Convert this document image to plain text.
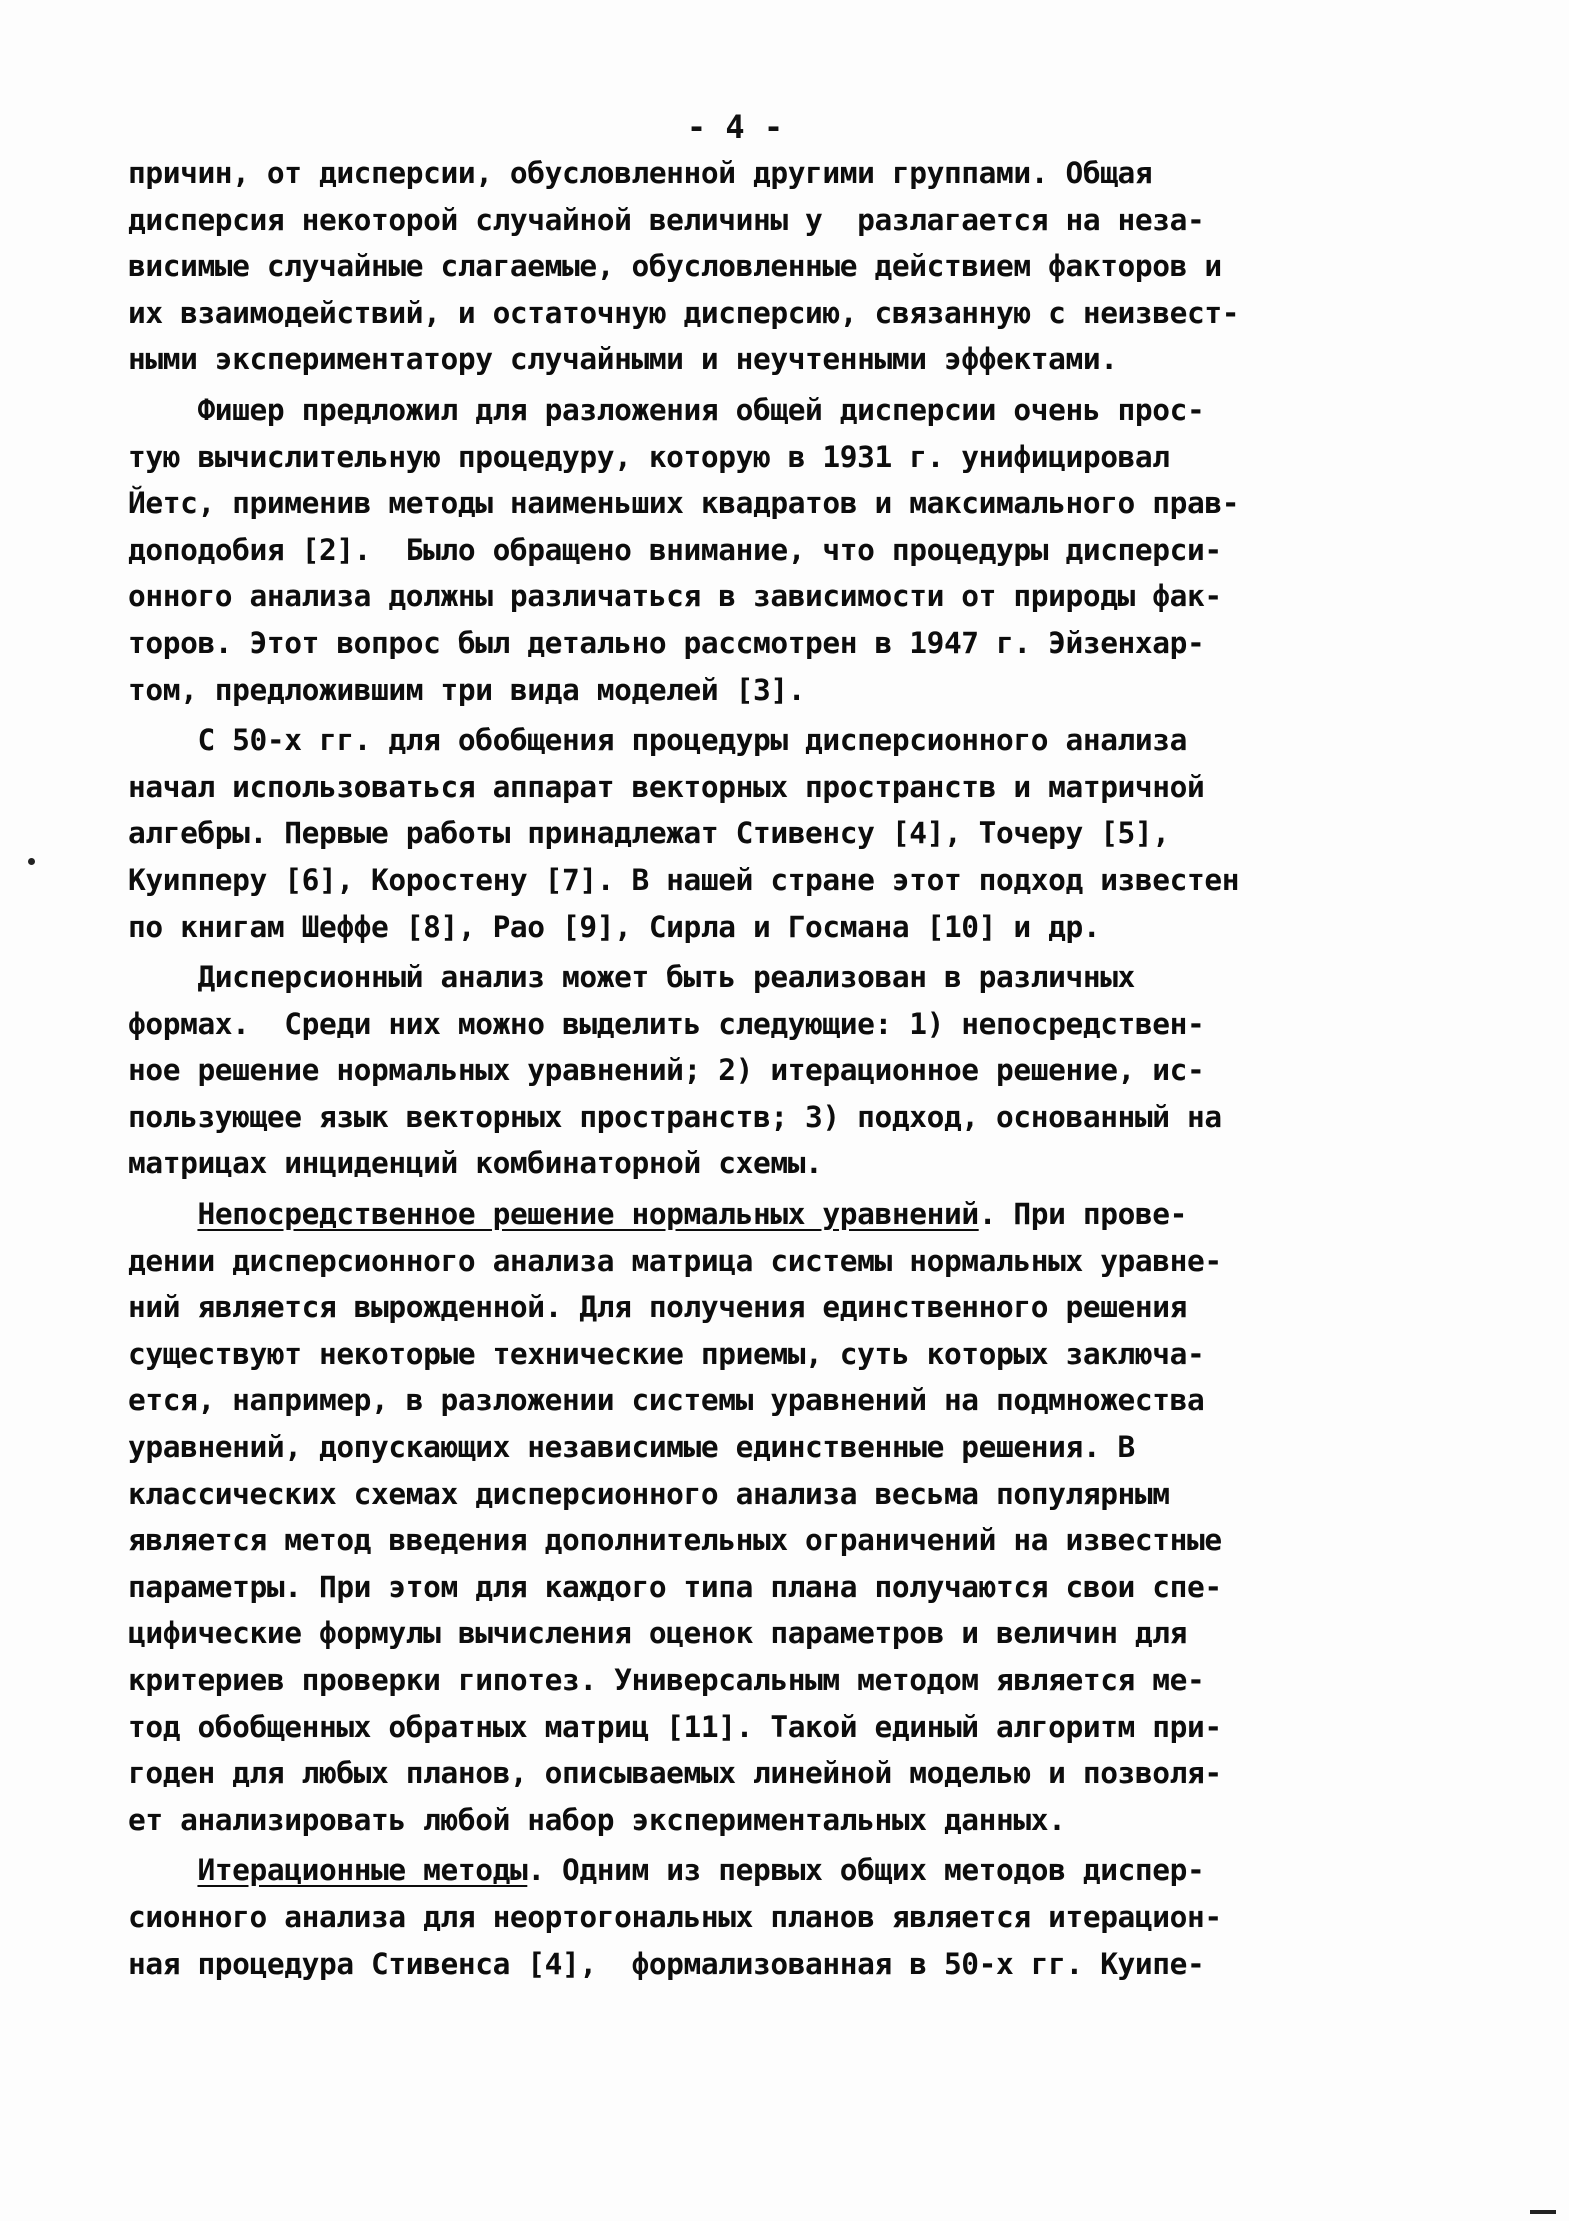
- 4 -
причин, от дисперсии, обусловленной другими группами. Общая
дисперсия некоторой случайной величины y  разлагается на неза-
висимые случайные слагаемые, обусловленные действием факторов и
их взаимодействий, и остаточную дисперсию, связанную с неизвест-
ными экспериментатору случайными и неучтенными эффектами.
Фишер предложил для разложения общей дисперсии очень прос-
тую вычислительную процедуру, которую в 1931 г. унифицировал
Йетс, применив методы наименьших квадратов и максимального прав-
доподобия [2].  Было обращено внимание, что процедуры дисперси-
онного анализа должны различаться в зависимости от природы фак-
торов. Этот вопрос был детально рассмотрен в 1947 г. Эйзенхар-
том, предложившим три вида моделей [3].
С 50-х гг. для обобщения процедуры дисперсионного анализа
начал использоваться аппарат векторных пространств и матричной
алгебры. Первые работы принадлежат Стивенсу [4], Точеру [5],
Куипперу [6], Коростену [7]. В нашей стране этот подход известен
по книгам Шеффе [8], Рао [9], Сирла и Госмана [10] и др.
Дисперсионный анализ может быть реализован в различных
формах.  Среди них можно выделить следующие: 1) непосредствен-
ное решение нормальных уравнений; 2) итерационное решение, ис-
пользующее язык векторных пространств; 3) подход, основанный на
матрицах инциденций комбинаторной схемы.
Непосредственное решение нормальных уравнений. При прове-
дении дисперсионного анализа матрица системы нормальных уравне-
ний является вырожденной. Для получения единственного решения
существуют некоторые технические приемы, суть которых заключа-
ется, например, в разложении системы уравнений на подмножества
уравнений, допускающих независимые единственные решения. В
классических схемах дисперсионного анализа весьма популярным
является метод введения дополнительных ограничений на известные
параметры. При этом для каждого типа плана получаются свои спе-
цифические формулы вычисления оценок параметров и величин для
критериев проверки гипотез. Универсальным методом является ме-
тод обобщенных обратных матриц [11]. Такой единый алгоритм при-
годен для любых планов, описываемых линейной моделью и позволя-
ет анализировать любой набор экспериментальных данных.
Итерационные методы. Одним из первых общих методов диспер-
сионного анализа для неортогональных планов является итерацион-
ная процедура Стивенса [4],  формализованная в 50-х гг. Куипе-
